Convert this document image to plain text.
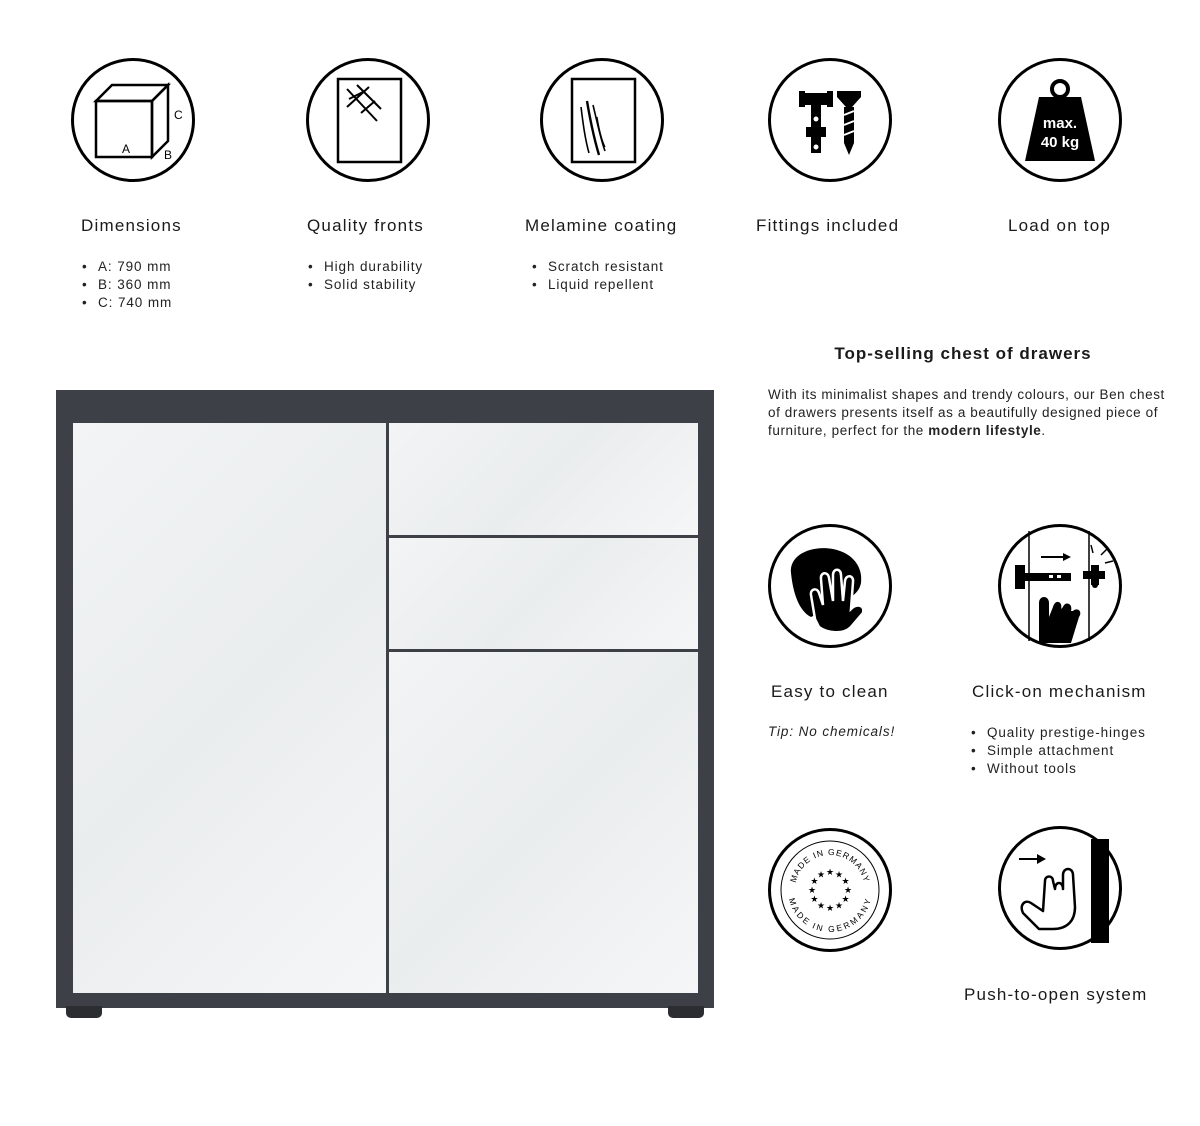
A	B
C
Dimensions
• A: 790 mm
• B: 360 mm
• C: 740 mm
Quality fronts
• High durability
• Solid stability
Melamine coating
• Scratch resistant
• Liquid repellent
Fittings included
max.
40 kg
Load on top
Top-selling chest of drawers
With its minimalist shapes and trendy colours, our Ben chest of drawers presents itself as a beautifully designed piece of furniture, perfect for the modern lifestyle.
Easy to clean
Tip: No chemicals!
Click-on mechanism
• Quality prestige-hinges
• Simple attachment
• Without tools
MADE IN GERMANY
MADE IN GERMANY
★
★
★
★
★
★
★
★
★ ★ ★
★
Push-to-open system
